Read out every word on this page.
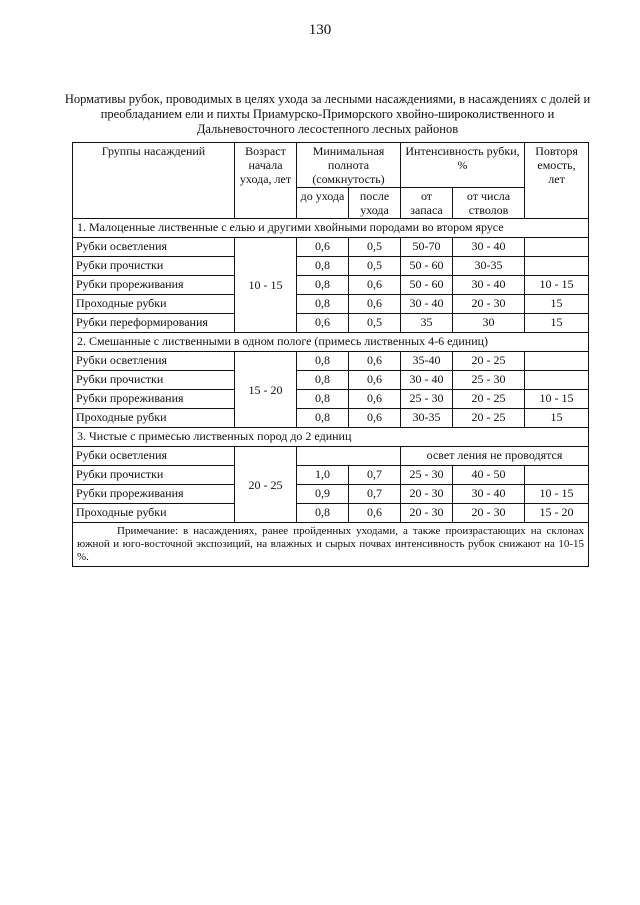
130
Нормативы рубок, проводимых в целях ухода за лесными насаждениями, в насаждениях с долей и
преобладанием ели и пихты Приамурско-Приморского хвойно-широколиственного и
Дальневосточного лесостепного лесных районов
Группы насаждений	Возраст начала ухода, лет	Минимальная полнота (сомкнутость)		Интенсивность рубки, %		Повторя емость, лет
		до ухода	после ухода	от запаса	от числа стволов	
1. Малоценные лиственные с елью и другими хвойными породами во втором ярусе						
Рубки осветления	10 - 15	0,6	0,5	50-70	30 - 40	
Рубки прочистки		0,8	0,5	50 - 60	30-35	
Рубки прореживания		0,8	0,6	50 - 60	30 - 40	10 - 15
Проходные рубки		0,8	0,6	30 - 40	20 - 30	15
Рубки переформирования		0,6	0,5	35	30	15
2. Смешанные с лиственными в одном пологе (примесь лиственных 4-6 единиц)						
Рубки осветления	15 - 20	0,8	0,6	35-40	20 - 25	
Рубки прочистки		0,8	0,6	30 - 40	25 - 30	
Рубки прореживания		0,8	0,6	25 - 30	20 - 25	10 - 15
Проходные рубки		0,8	0,6	30-35	20 - 25	15
3. Чистые с примесью лиственных пород до 2 единиц						
Рубки осветления	20 - 25			освет ления не проводятся		
Рубки прочистки		1,0	0,7	25 - 30	40 - 50	
Рубки прореживания		0,9	0,7	20 - 30	30 - 40	10 - 15
Проходные рубки		0,8	0,6	20 - 30	20 - 30	15 - 20
Примечание: в насаждениях, ранее пройденных уходами, а также произрастающих на склонах южной и юго-восточной экспозиций, на влажных и сырых почвах интенсивность рубок снижают на 10-15 %.						
